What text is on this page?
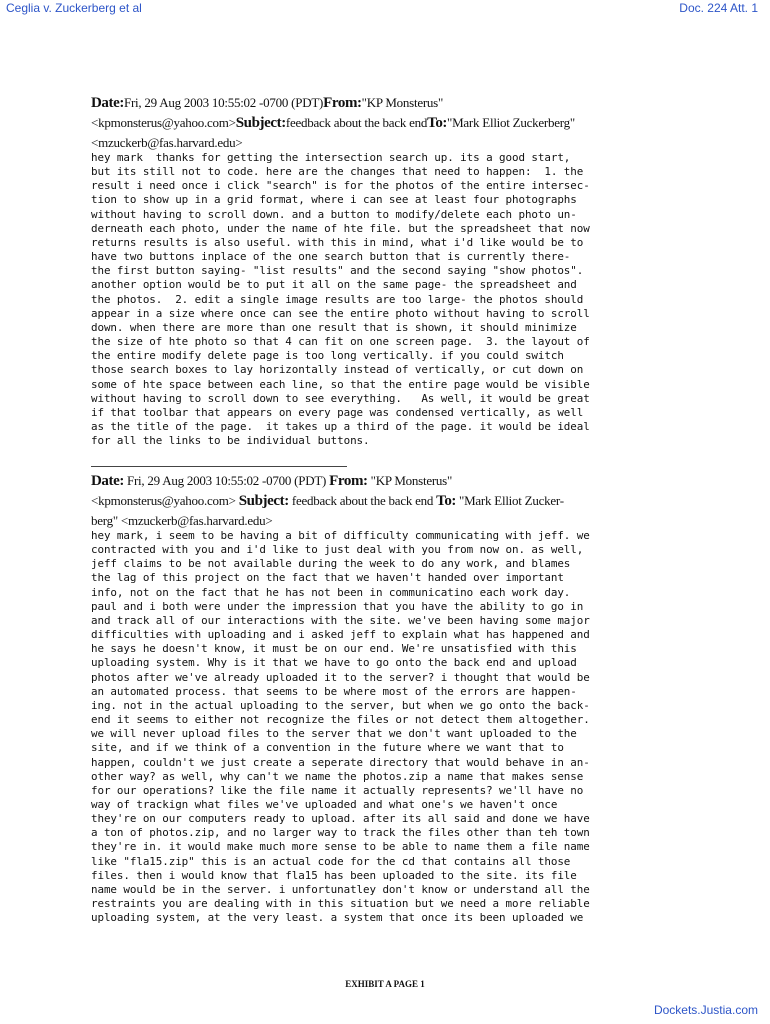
Ceglia v. Zuckerberg et al	Doc. 224 Att. 1
Date:Fri, 29 Aug 2003 10:55:02 -0700 (PDT)From:"KP Monsterus"
<kpmonsterus@yahoo.com>Subject:feedback about the back endTo:"Mark Elliot Zuckerberg"
<mzuckerb@fas.harvard.edu>
hey mark  thanks for getting the intersection search up. its a good start,
but its still not to code. here are the changes that need to happen:  1. the
result i need once i click "search" is for the photos of the entire intersec-
tion to show up in a grid format, where i can see at least four photographs
without having to scroll down. and a button to modify/delete each photo un-
derneath each photo, under the name of hte file. but the spreadsheet that now
returns results is also useful. with this in mind, what i'd like would be to
have two buttons inplace of the one search button that is currently there-
the first button saying- "list results" and the second saying "show photos".
another option would be to put it all on the same page- the spreadsheet and
the photos.  2. edit a single image results are too large- the photos should
appear in a size where once can see the entire photo without having to scroll
down. when there are more than one result that is shown, it should minimize
the size of hte photo so that 4 can fit on one screen page.  3. the layout of
the entire modify delete page is too long vertically. if you could switch
those search boxes to lay horizontally instead of vertically, or cut down on
some of hte space between each line, so that the entire page would be visible
without having to scroll down to see everything.   As well, it would be great
if that toolbar that appears on every page was condensed vertically, as well
as the title of the page.  it takes up a third of the page. it would be ideal
for all the links to be individual buttons.
Date: Fri, 29 Aug 2003 10:55:02 -0700 (PDT) From: "KP Monsterus"
<kpmonsterus@yahoo.com> Subject: feedback about the back end To: "Mark Elliot Zucker-
berg" <mzuckerb@fas.harvard.edu>
hey mark, i seem to be having a bit of difficulty communicating with jeff. we
contracted with you and i'd like to just deal with you from now on. as well,
jeff claims to be not available during the week to do any work, and blames
the lag of this project on the fact that we haven't handed over important
info, not on the fact that he has not been in communicatino each work day.
paul and i both were under the impression that you have the ability to go in
and track all of our interactions with the site. we've been having some major
difficulties with uploading and i asked jeff to explain what has happened and
he says he doesn't know, it must be on our end. We're unsatisfied with this
uploading system. Why is it that we have to go onto the back end and upload
photos after we've already uploaded it to the server? i thought that would be
an automated process. that seems to be where most of the errors are happen-
ing. not in the actual uploading to the server, but when we go onto the back-
end it seems to either not recognize the files or not detect them altogether.
we will never upload files to the server that we don't want uploaded to the
site, and if we think of a convention in the future where we want that to
happen, couldn't we just create a seperate directory that would behave in an-
other way? as well, why can't we name the photos.zip a name that makes sense
for our operations? like the file name it actually represents? we'll have no
way of trackign what files we've uploaded and what one's we haven't once
they're on our computers ready to upload. after its all said and done we have
a ton of photos.zip, and no larger way to track the files other than teh town
they're in. it would make much more sense to be able to name them a file name
like "fla15.zip" this is an actual code for the cd that contains all those
files. then i would know that fla15 has been uploaded to the site. its file
name would be in the server. i unfortunatley don't know or understand all the
restraints you are dealing with in this situation but we need a more reliable
uploading system, at the very least. a system that once its been uploaded we
EXHIBIT A PAGE 1
Dockets.Justia.com
